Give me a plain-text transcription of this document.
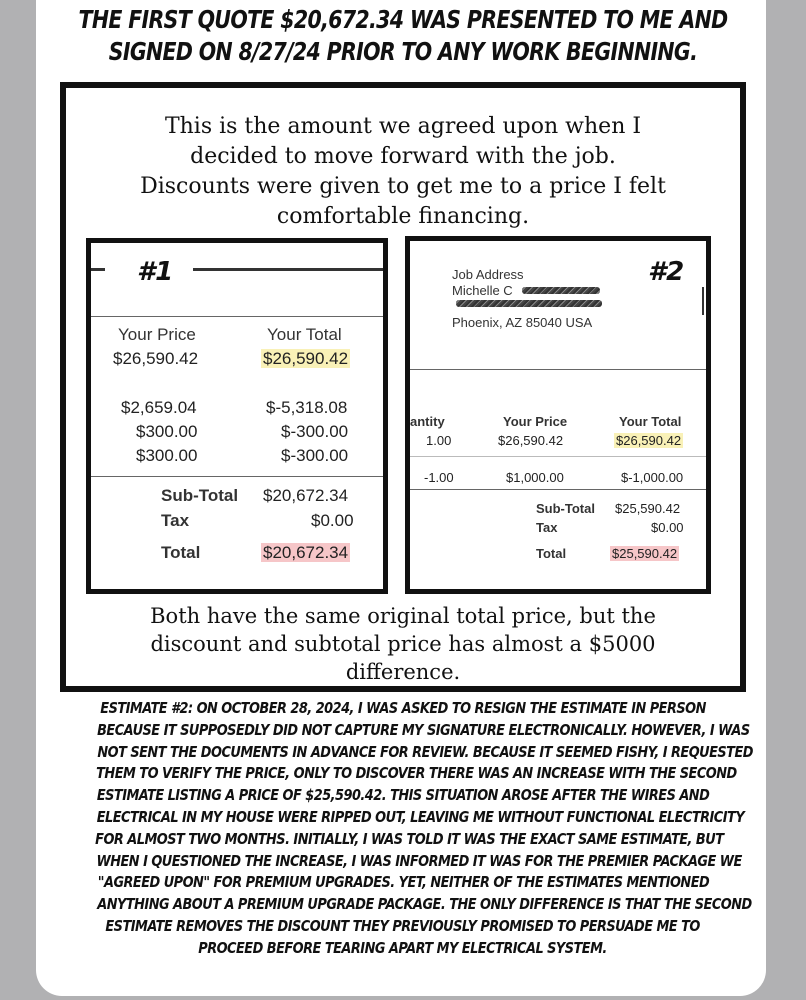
THE FIRST QUOTE $20,672.34 WAS PRESENTED TO ME AND
SIGNED ON 8/27/24 PRIOR TO ANY WORK BEGINNING.
This is the amount we agreed upon when I
decided to move forward with the job.
Discounts were given to get me to a price I felt
comfortable financing.
#1
Your Price	Your Total
$26,590.42	$26,590.42
$2,659.04	$-5,318.08
$300.00	$-300.00
$300.00	$-300.00
Sub-Total $20,672.34
Tax	$0.00
Total	$20,672.34
Job Address
Michelle C
Phoenix, AZ 85040 USA
#2
antity	Your Price	Your Total
1.00	$26,590.42	$26,590.42
-1.00	$1,000.00	$-1,000.00
Sub-Total $25,590.42
Tax	$0.00
Total	$25,590.42
Both have the same original total price, but the
discount and subtotal price has almost a $5000
difference.
ESTIMATE #2: ON OCTOBER 28, 2024, I WAS ASKED TO RESIGN THE ESTIMATE IN PERSON
BECAUSE IT SUPPOSEDLY DID NOT CAPTURE MY SIGNATURE ELECTRONICALLY. HOWEVER, I WAS
NOT SENT THE DOCUMENTS IN ADVANCE FOR REVIEW. BECAUSE IT SEEMED FISHY, I REQUESTED
THEM TO VERIFY THE PRICE, ONLY TO DISCOVER THERE WAS AN INCREASE WITH THE SECOND
ESTIMATE LISTING A PRICE OF $25,590.42. THIS SITUATION AROSE AFTER THE WIRES AND
ELECTRICAL IN MY HOUSE WERE RIPPED OUT, LEAVING ME WITHOUT FUNCTIONAL ELECTRICITY
FOR ALMOST TWO MONTHS. INITIALLY, I WAS TOLD IT WAS THE EXACT SAME ESTIMATE, BUT
WHEN I QUESTIONED THE INCREASE, I WAS INFORMED IT WAS FOR THE PREMIER PACKAGE WE
"AGREED UPON" FOR PREMIUM UPGRADES. YET, NEITHER OF THE ESTIMATES MENTIONED
ANYTHING ABOUT A PREMIUM UPGRADE PACKAGE. THE ONLY DIFFERENCE IS THAT THE SECOND
ESTIMATE REMOVES THE DISCOUNT THEY PREVIOUSLY PROMISED TO PERSUADE ME TO
PROCEED BEFORE TEARING APART MY ELECTRICAL SYSTEM.
